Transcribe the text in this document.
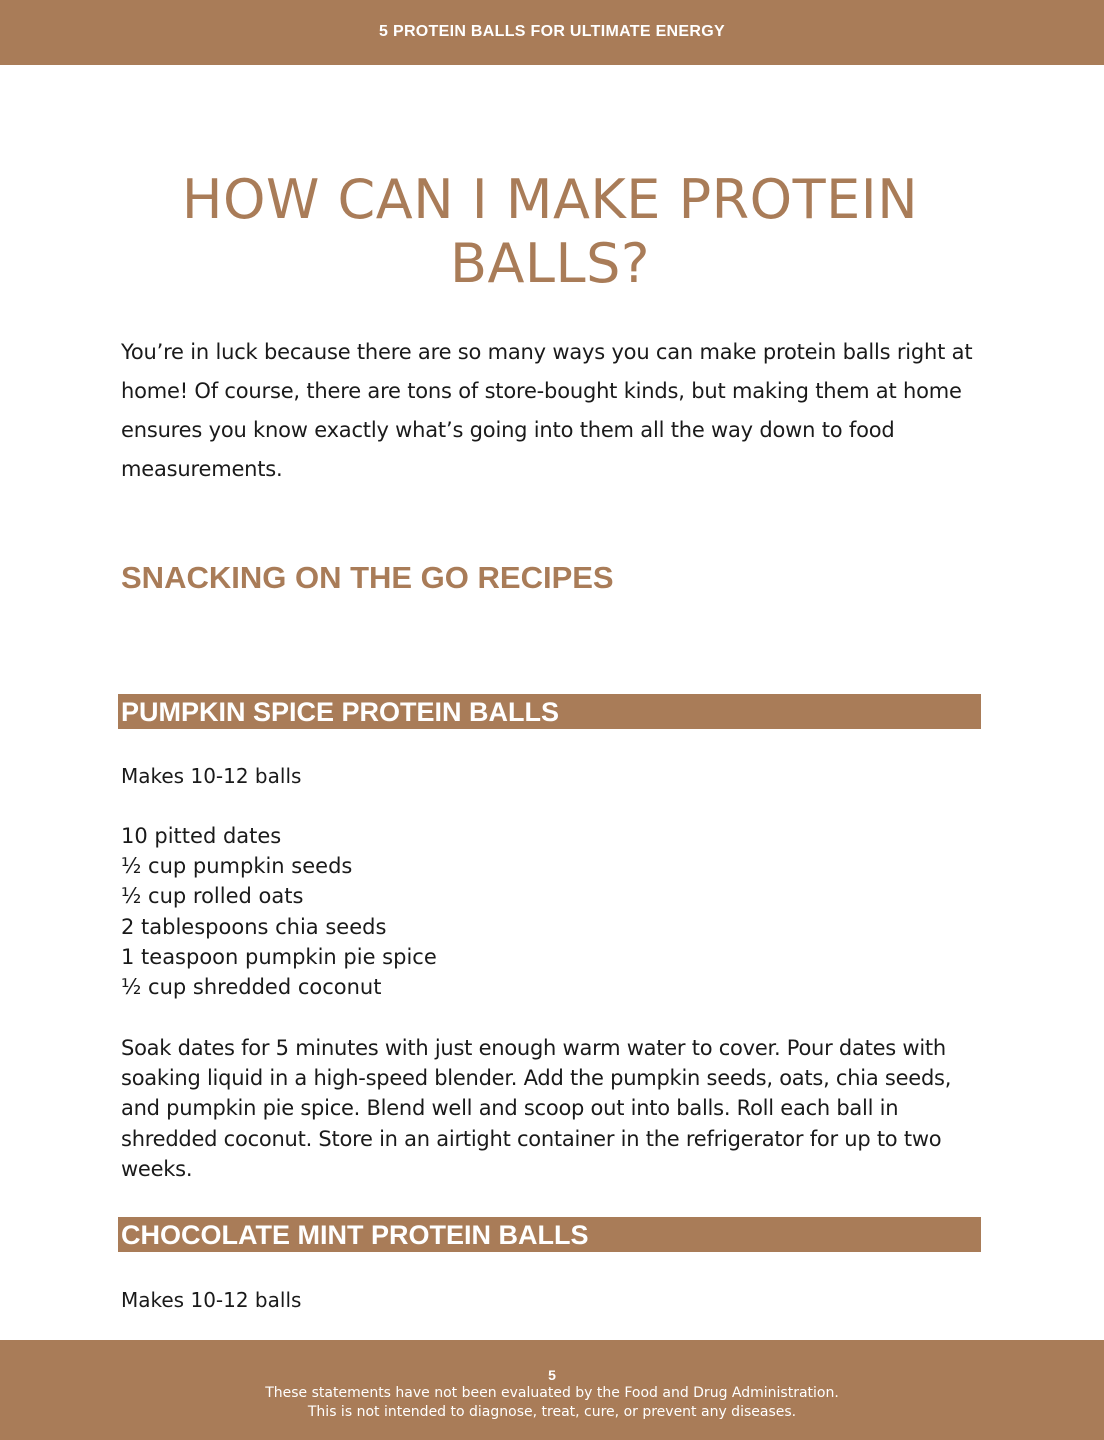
5 PROTEIN BALLS FOR ULTIMATE ENERGY
HOW CAN I MAKE PROTEIN BALLS?

You’re in luck because there are so many ways you can make protein balls right at home! Of course, there are tons of store-bought kinds, but making them at home ensures you know exactly what’s going into them all the way down to food measurements.

SNACKING ON THE GO RECIPES
PUMPKIN SPICE PROTEIN BALLS

Makes 10-12 balls

10 pitted dates
½ cup pumpkin seeds
½ cup rolled oats
2 tablespoons chia seeds
1 teaspoon pumpkin pie spice
½ cup shredded coconut

Soak dates for 5 minutes with just enough warm water to cover. Pour dates with soaking liquid in a high-speed blender. Add the pumpkin seeds, oats, chia seeds, and pumpkin pie spice. Blend well and scoop out into balls. Roll each ball in shredded coconut. Store in an airtight container in the refrigerator for up to two weeks.

CHOCOLATE MINT PROTEIN BALLS

Makes 10-12 balls

5
These statements have not been evaluated by the Food and Drug Administration.
This is not intended to diagnose, treat, cure, or prevent any diseases.
